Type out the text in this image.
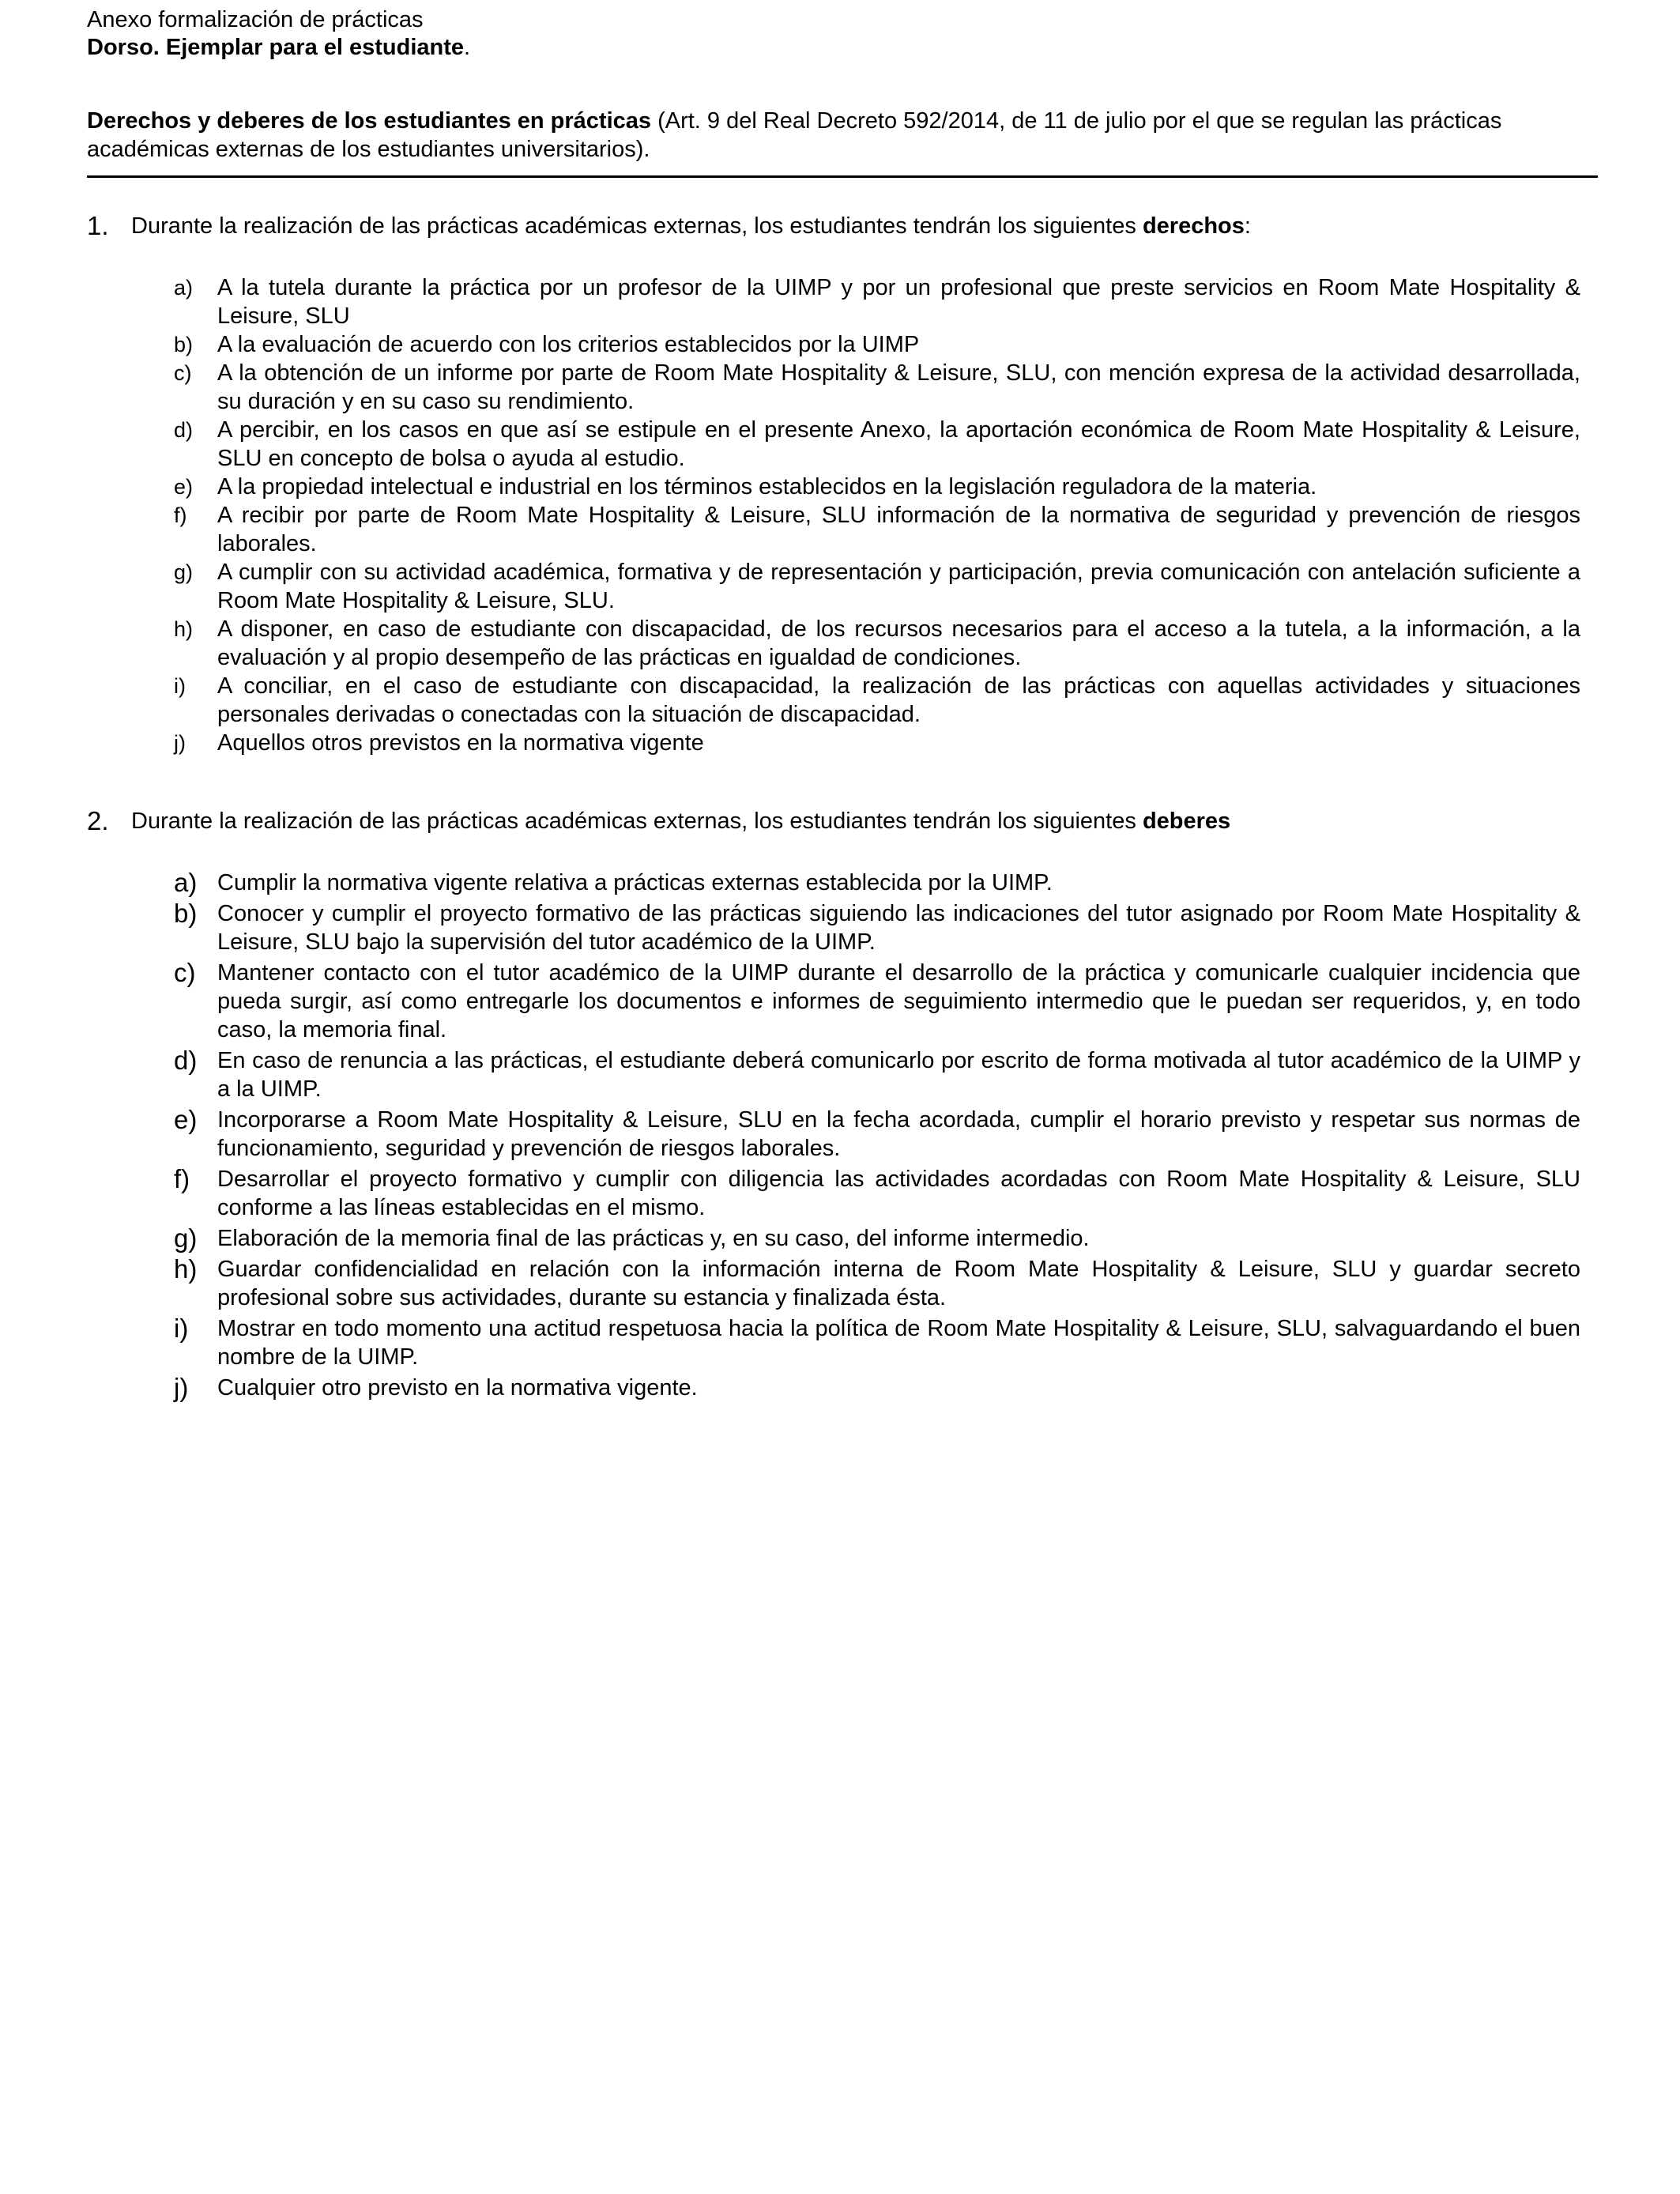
Anexo formalización de prácticas
Dorso. Ejemplar para el estudiante.
Derechos y deberes de los estudiantes en prácticas (Art. 9 del Real Decreto 592/2014, de 11 de julio por el que se regulan las prácticas académicas externas de los estudiantes universitarios).
1. Durante la realización de las prácticas académicas externas, los estudiantes tendrán los siguientes derechos:
a) A la tutela durante la práctica por un profesor de la UIMP y por un profesional que preste servicios en Room Mate Hospitality & Leisure, SLU
b) A la evaluación de acuerdo con los criterios establecidos por la UIMP
c) A la obtención de un informe por parte de Room Mate Hospitality & Leisure, SLU, con mención expresa de la actividad desarrollada, su duración y en su caso su rendimiento.
d) A percibir, en los casos en que así se estipule en el presente Anexo, la aportación económica de Room Mate Hospitality & Leisure, SLU en concepto de bolsa o ayuda al estudio.
e) A la propiedad intelectual e industrial en los términos establecidos en la legislación reguladora de la materia.
f) A recibir por parte de Room Mate Hospitality & Leisure, SLU información de la normativa de seguridad y prevención de riesgos laborales.
g) A cumplir con su actividad académica, formativa y de representación y participación, previa comunicación con antelación suficiente a Room Mate Hospitality & Leisure, SLU.
h) A disponer, en caso de estudiante con discapacidad, de los recursos necesarios para el acceso a la tutela, a la información, a la evaluación y al propio desempeño de las prácticas en igualdad de condiciones.
i) A conciliar, en el caso de estudiante con discapacidad, la realización de las prácticas con aquellas actividades y situaciones personales derivadas o conectadas con la situación de discapacidad.
j) Aquellos otros previstos en la normativa vigente
2. Durante la realización de las prácticas académicas externas, los estudiantes tendrán los siguientes deberes
a) Cumplir la normativa vigente relativa a prácticas externas establecida por la UIMP.
b) Conocer y cumplir el proyecto formativo de las prácticas siguiendo las indicaciones del tutor asignado por Room Mate Hospitality & Leisure, SLU bajo la supervisión del tutor académico de la UIMP.
c) Mantener contacto con el tutor académico de la UIMP durante el desarrollo de la práctica y comunicarle cualquier incidencia que pueda surgir, así como entregarle los documentos e informes de seguimiento intermedio que le puedan ser requeridos, y, en todo caso, la memoria final.
d) En caso de renuncia a las prácticas, el estudiante deberá comunicarlo por escrito de forma motivada al tutor académico de la UIMP y a la UIMP.
e) Incorporarse a Room Mate Hospitality & Leisure, SLU en la fecha acordada, cumplir el horario previsto y respetar sus normas de funcionamiento, seguridad y prevención de riesgos laborales.
f) Desarrollar el proyecto formativo y cumplir con diligencia las actividades acordadas con Room Mate Hospitality & Leisure, SLU conforme a las líneas establecidas en el mismo.
g) Elaboración de la memoria final de las prácticas y, en su caso, del informe intermedio.
h) Guardar confidencialidad en relación con la información interna de Room Mate Hospitality & Leisure, SLU y guardar secreto profesional sobre sus actividades, durante su estancia y finalizada ésta.
i) Mostrar en todo momento una actitud respetuosa hacia la política de Room Mate Hospitality & Leisure, SLU, salvaguardando el buen nombre de la UIMP.
j) Cualquier otro previsto en la normativa vigente.
